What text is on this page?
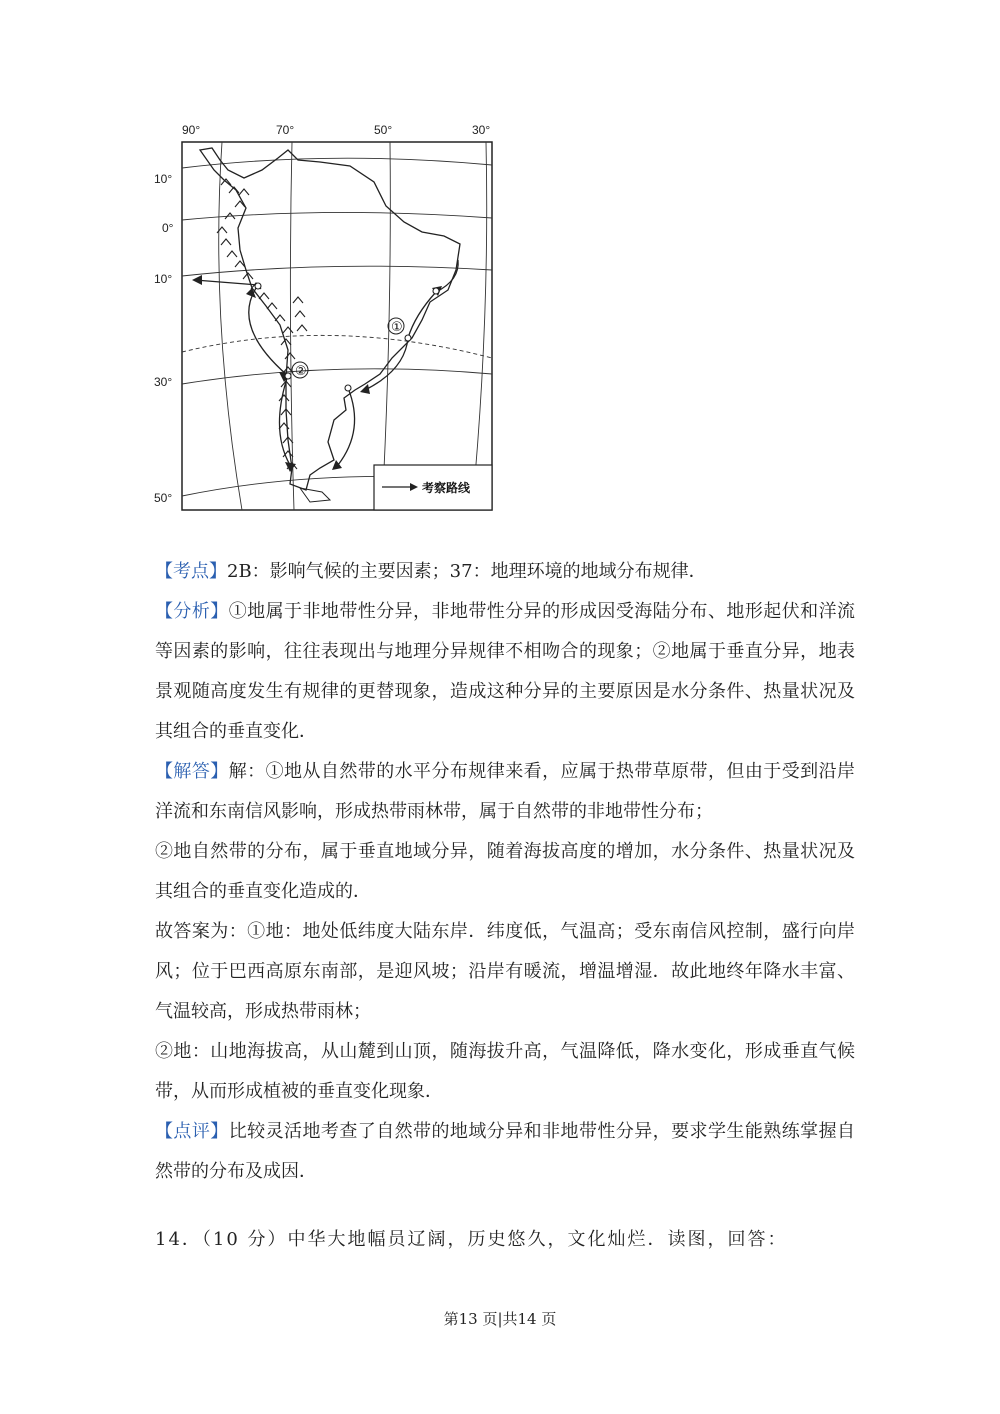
90°	70°	50°	30°
10°
0°
10°
30°
50°
①
②
考察路线

【考点】2B：影响气候的主要因素；37：地理环境的地域分布规律．

【分析】①地属于非地带性分异，非地带性分异的形成因受海陆分布、地形起伏和洋流等因素的影响，往往表现出与地理分异规律不相吻合的现象；②地属于垂直分异，地表景观随高度发生有规律的更替现象，造成这种分异的主要原因是水分条件、热量状况及其组合的垂直变化．

【解答】解：①地从自然带的水平分布规律来看，应属于热带草原带，但由于受到沿岸洋流和东南信风影响，形成热带雨林带，属于自然带的非地带性分布；

②地自然带的分布，属于垂直地域分异，随着海拔高度的增加，水分条件、热量状况及其组合的垂直变化造成的．

故答案为：①地：地处低纬度大陆东岸．纬度低，气温高；受东南信风控制，盛行向岸风；位于巴西高原东南部，是迎风坡；沿岸有暖流，增温增湿．故此地终年降水丰富、气温较高，形成热带雨林；

②地：山地海拔高，从山麓到山顶，随海拔升高，气温降低，降水变化，形成垂直气候带，从而形成植被的垂直变化现象．

【点评】比较灵活地考查了自然带的地域分异和非地带性分异，要求学生能熟练掌握自然带的分布及成因．

14．（10 分）中华大地幅员辽阔，历史悠久，文化灿烂．读图，回答：
第13 页|共14 页
